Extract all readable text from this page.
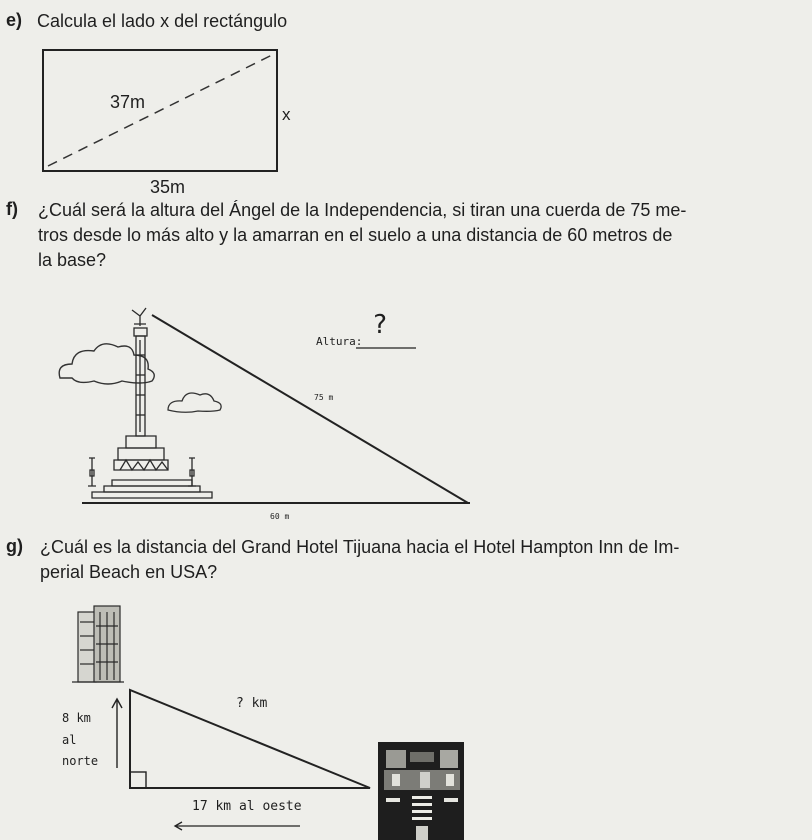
e) Calcula el lado x del rectángulo
f) ¿Cuál será la altura del Ángel de la Independencia, si tiran una cuerda de 75 me-
tros desde lo más alto y la amarran en el suelo a una distancia de 60 metros de
la base?
g) ¿Cuál es la distancia del Grand Hotel Tijuana hacia el Hotel Hampton Inn de Im-
perial Beach en USA?
37m
x
35m
Altura:
?
75 m
60 m
? km
8 km
al
norte
17 km al oeste
